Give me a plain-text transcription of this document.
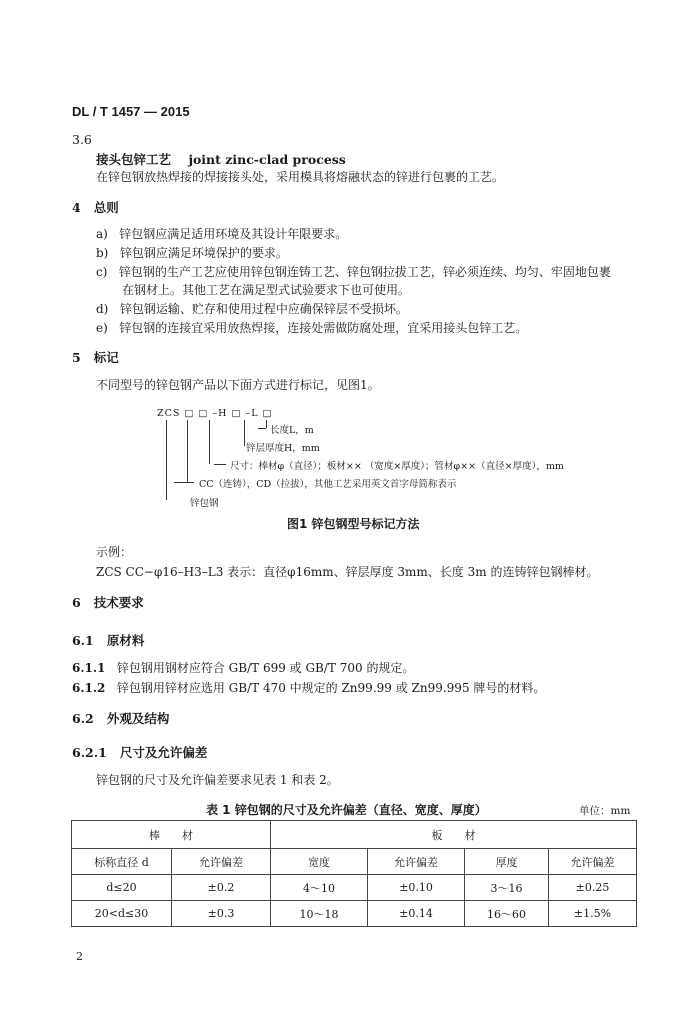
DL / T 1457 — 2015
3.6
接头包锌工艺 joint zinc-clad process
在锌包钢放热焊接的焊接接头处，采用模具将熔融状态的锌进行包裹的工艺。
4 总则
a) 锌包钢应满足适用环境及其设计年限要求。
b) 锌包钢应满足环境保护的要求。
c) 锌包钢的生产工艺应使用锌包钢连铸工艺、锌包钢拉拔工艺，锌必须连续、均匀、牢固地包裹
在钢材上。其他工艺在满足型式试验要求下也可使用。
d) 锌包钢运输、贮存和使用过程中应确保锌层不受损坏。
e) 锌包钢的连接宜采用放热焊接，连接处需做防腐处理，宜采用接头包锌工艺。
5 标记
不同型号的锌包钢产品以下面方式进行标记，见图1。
ZCS □ □ –H □ –L □
长度L，m
锌层厚度H，mm
尺寸：棒材φ（直径）；板材×× （宽度×厚度）；管材φ××（直径×厚度），mm
CC（连铸），CD（拉拔），其他工艺采用英文首字母简称表示
锌包钢
图1 锌包钢型号标记方法
示例：
ZCS CC−φ16–H3–L3 表示：直径φ16mm、锌层厚度 3mm、长度 3m 的连铸锌包钢棒材。
6 技术要求
6.1 原材料
6.1.1 锌包钢用钢材应符合 GB/T 699 或 GB/T 700 的规定。
6.1.2 锌包钢用锌材应选用 GB/T 470 中规定的 Zn99.99 或 Zn99.995 牌号的材料。
6.2 外观及结构
6.2.1 尺寸及允许偏差
锌包钢的尺寸及允许偏差要求见表 1 和表 2。
表 1 锌包钢的尺寸及允许偏差（直径、宽度、厚度）	单位：mm
棒　　材		板　　材			
标称直径 d	允许偏差	宽度	允许偏差	厚度	允许偏差
d≤20	±0.2	4～10	±0.10	3～16	±0.25
20<d≤30	±0.3	10～18	±0.14	16～60	±1.5%
2
